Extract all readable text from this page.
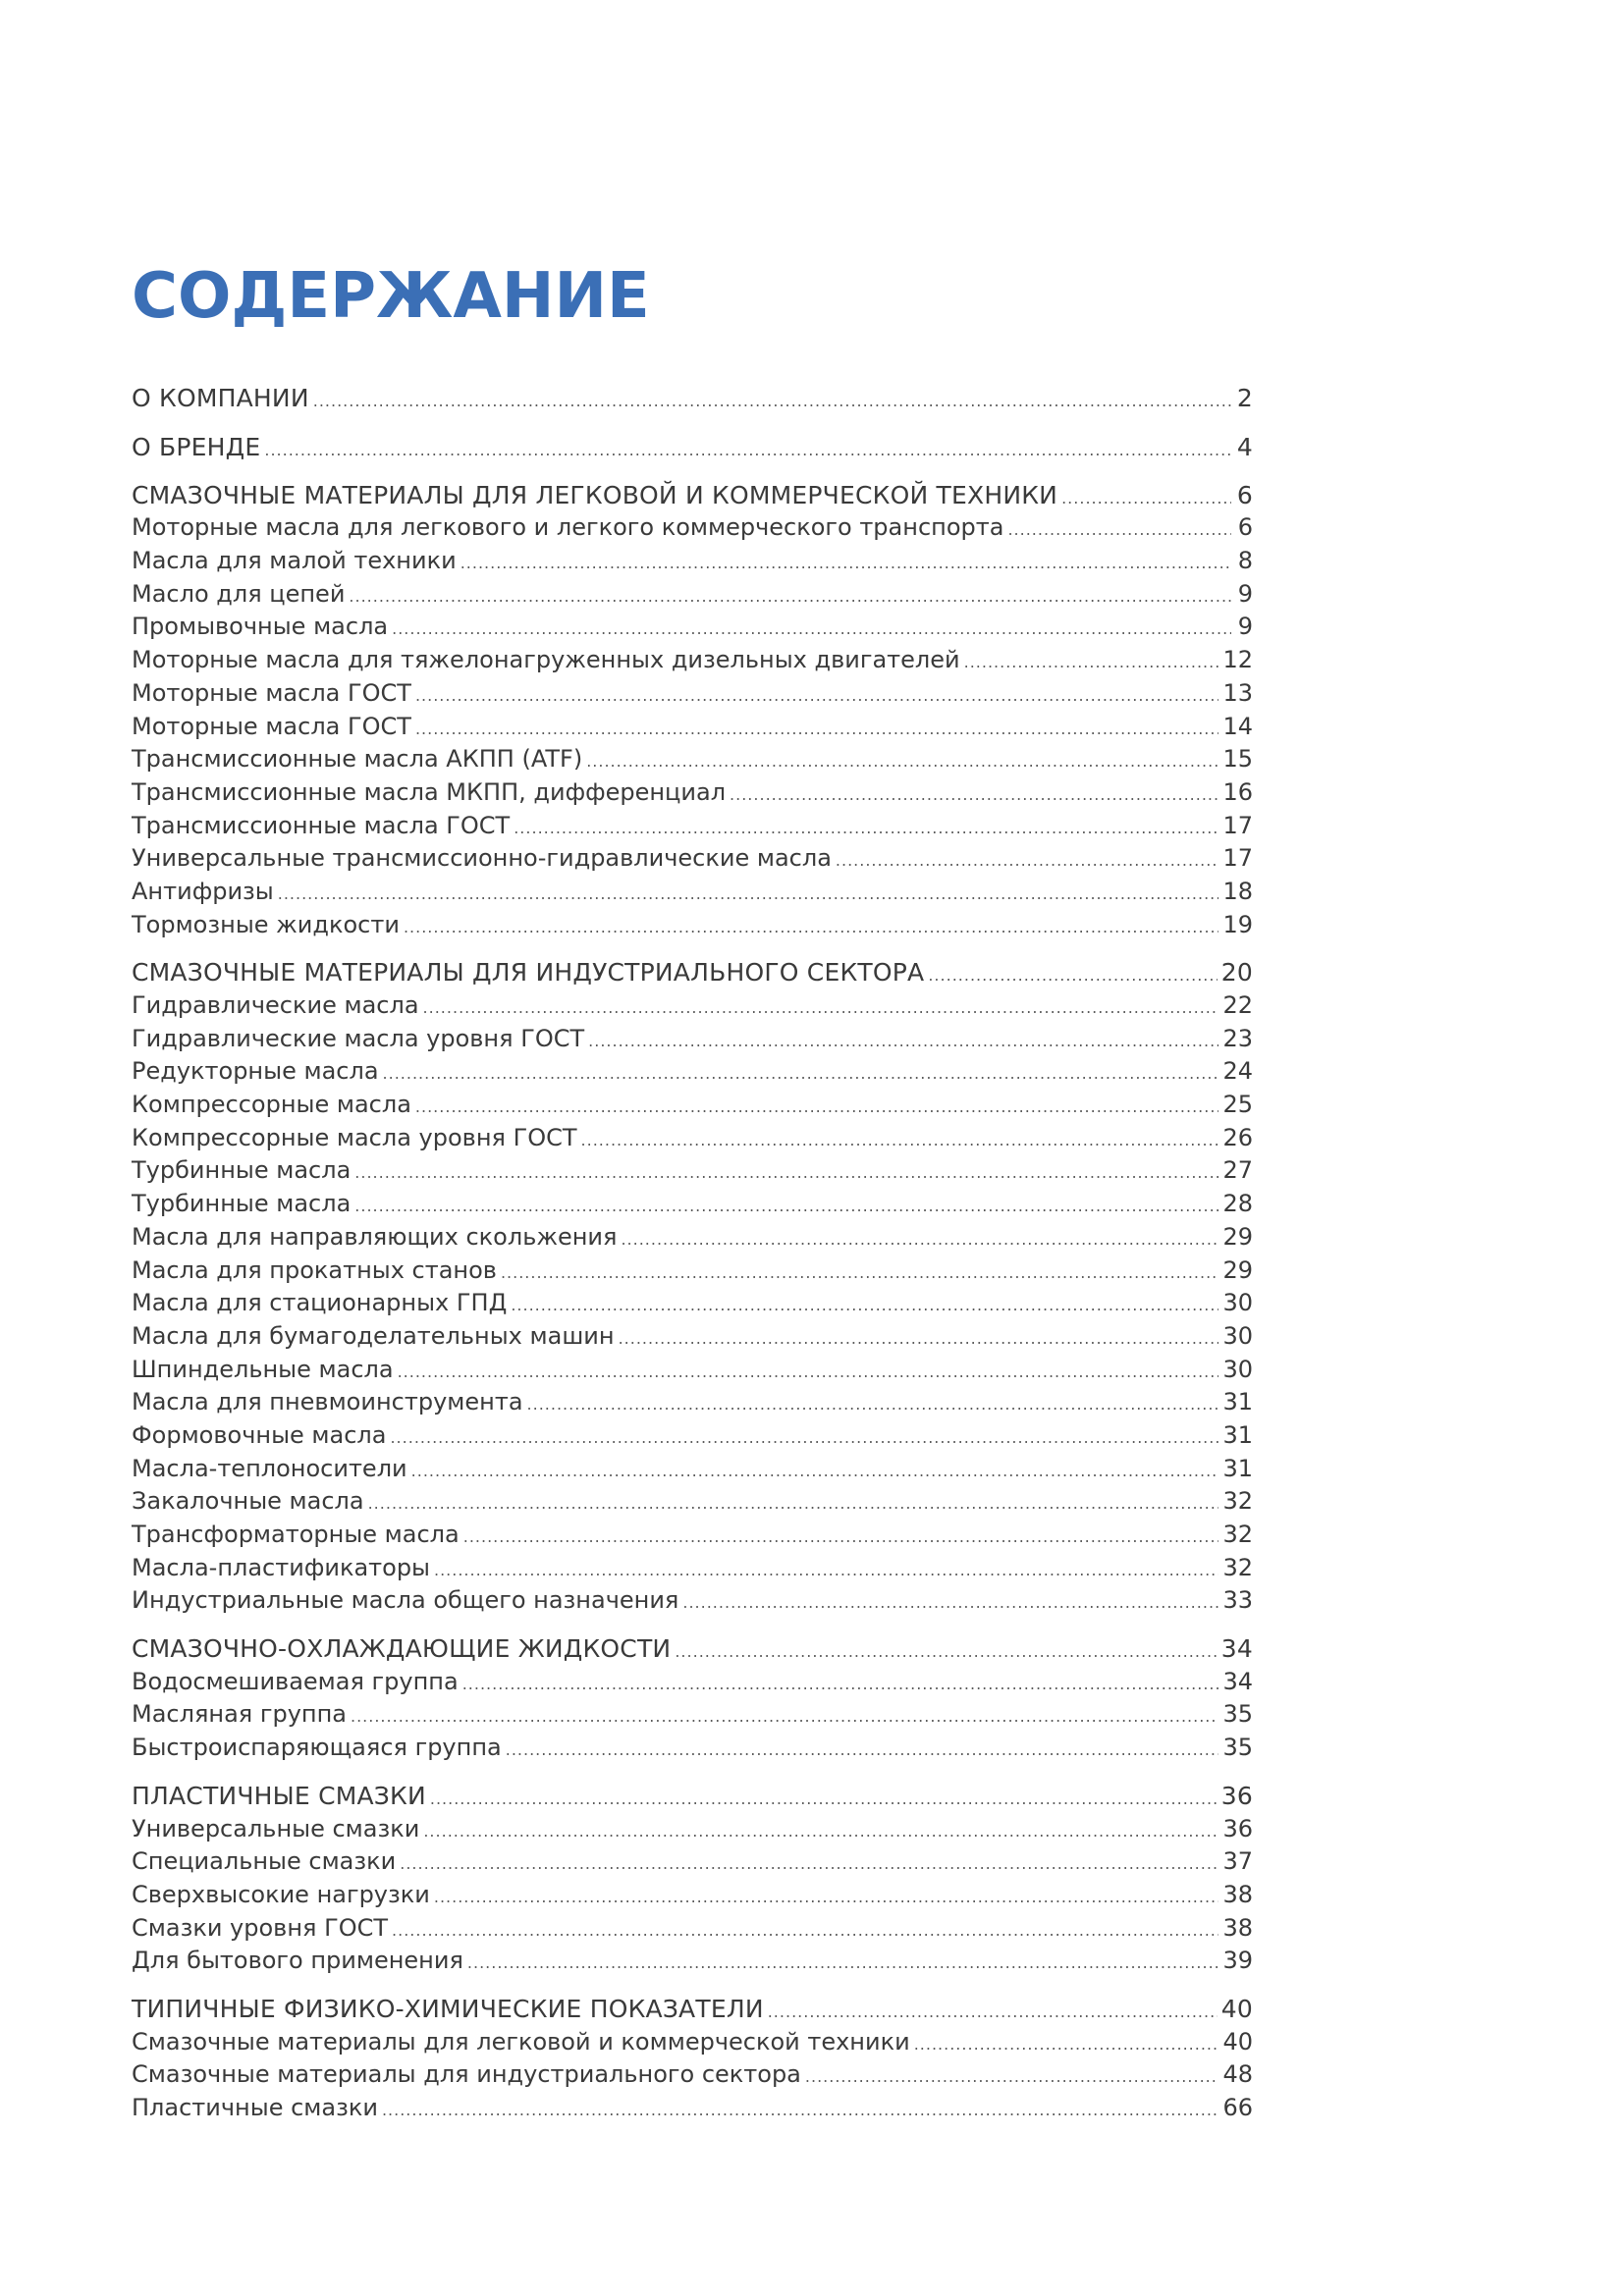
СОДЕРЖАНИЕ
О КОМПАНИИ .....	2
О БРЕНДЕ .....	4
СМАЗОЧНЫЕ МАТЕРИАЛЫ ДЛЯ ЛЕГКОВОЙ И КОММЕРЧЕСКОЙ ТЕХНИКИ .....	6
Моторные масла для легкового и легкого коммерческого транспорта .....	6
Масла для малой техники .....	8
Масло для цепей .....	9
Промывочные масла .....	9
Моторные масла для тяжелонагруженных дизельных двигателей .....	12
Моторные масла ГОСТ .....	13
Моторные масла ГОСТ .....	14
Трансмиссионные масла АКПП (ATF) .....	15
Трансмиссионные масла МКПП, дифференциал .....	16
Трансмиссионные масла ГОСТ .....	17
Универсальные трансмиссионно-гидравлические масла .....	17
Антифризы .....	18
Тормозные жидкости .....	19
СМАЗОЧНЫЕ МАТЕРИАЛЫ ДЛЯ ИНДУСТРИАЛЬНОГО СЕКТОРА .....	20
Гидравлические масла .....	22
Гидравлические масла уровня ГОСТ .....	23
Редукторные масла .....	24
Компрессорные масла .....	25
Компрессорные масла уровня ГОСТ .....	26
Турбинные масла .....	27
Турбинные масла .....	28
Масла для направляющих скольжения .....	29
Масла для прокатных станов .....	29
Масла для стационарных ГПД .....	30
Масла для бумагоделательных машин .....	30
Шпиндельные масла .....	30
Масла для пневмоинструмента .....	31
Формовочные масла .....	31
Масла-теплоносители .....	31
Закалочные масла .....	32
Трансформаторные масла .....	32
Масла-пластификаторы .....	32
Индустриальные масла общего назначения .....	33
СМАЗОЧНО-ОХЛАЖДАЮЩИЕ ЖИДКОСТИ .....	34
Водосмешиваемая группа .....	34
Масляная группа .....	35
Быстроиспаряющаяся группа .....	35
ПЛАСТИЧНЫЕ СМАЗКИ .....	36
Универсальные смазки .....	36
Специальные смазки .....	37
Сверхвысокие нагрузки .....	38
Смазки уровня ГОСТ .....	38
Для бытового применения .....	39
ТИПИЧНЫЕ ФИЗИКО-ХИМИЧЕСКИЕ ПОКАЗАТЕЛИ .....	40
Смазочные материалы для легковой и коммерческой техники .....	40
Смазочные материалы для индустриального сектора .....	48
Пластичные смазки .....	66
